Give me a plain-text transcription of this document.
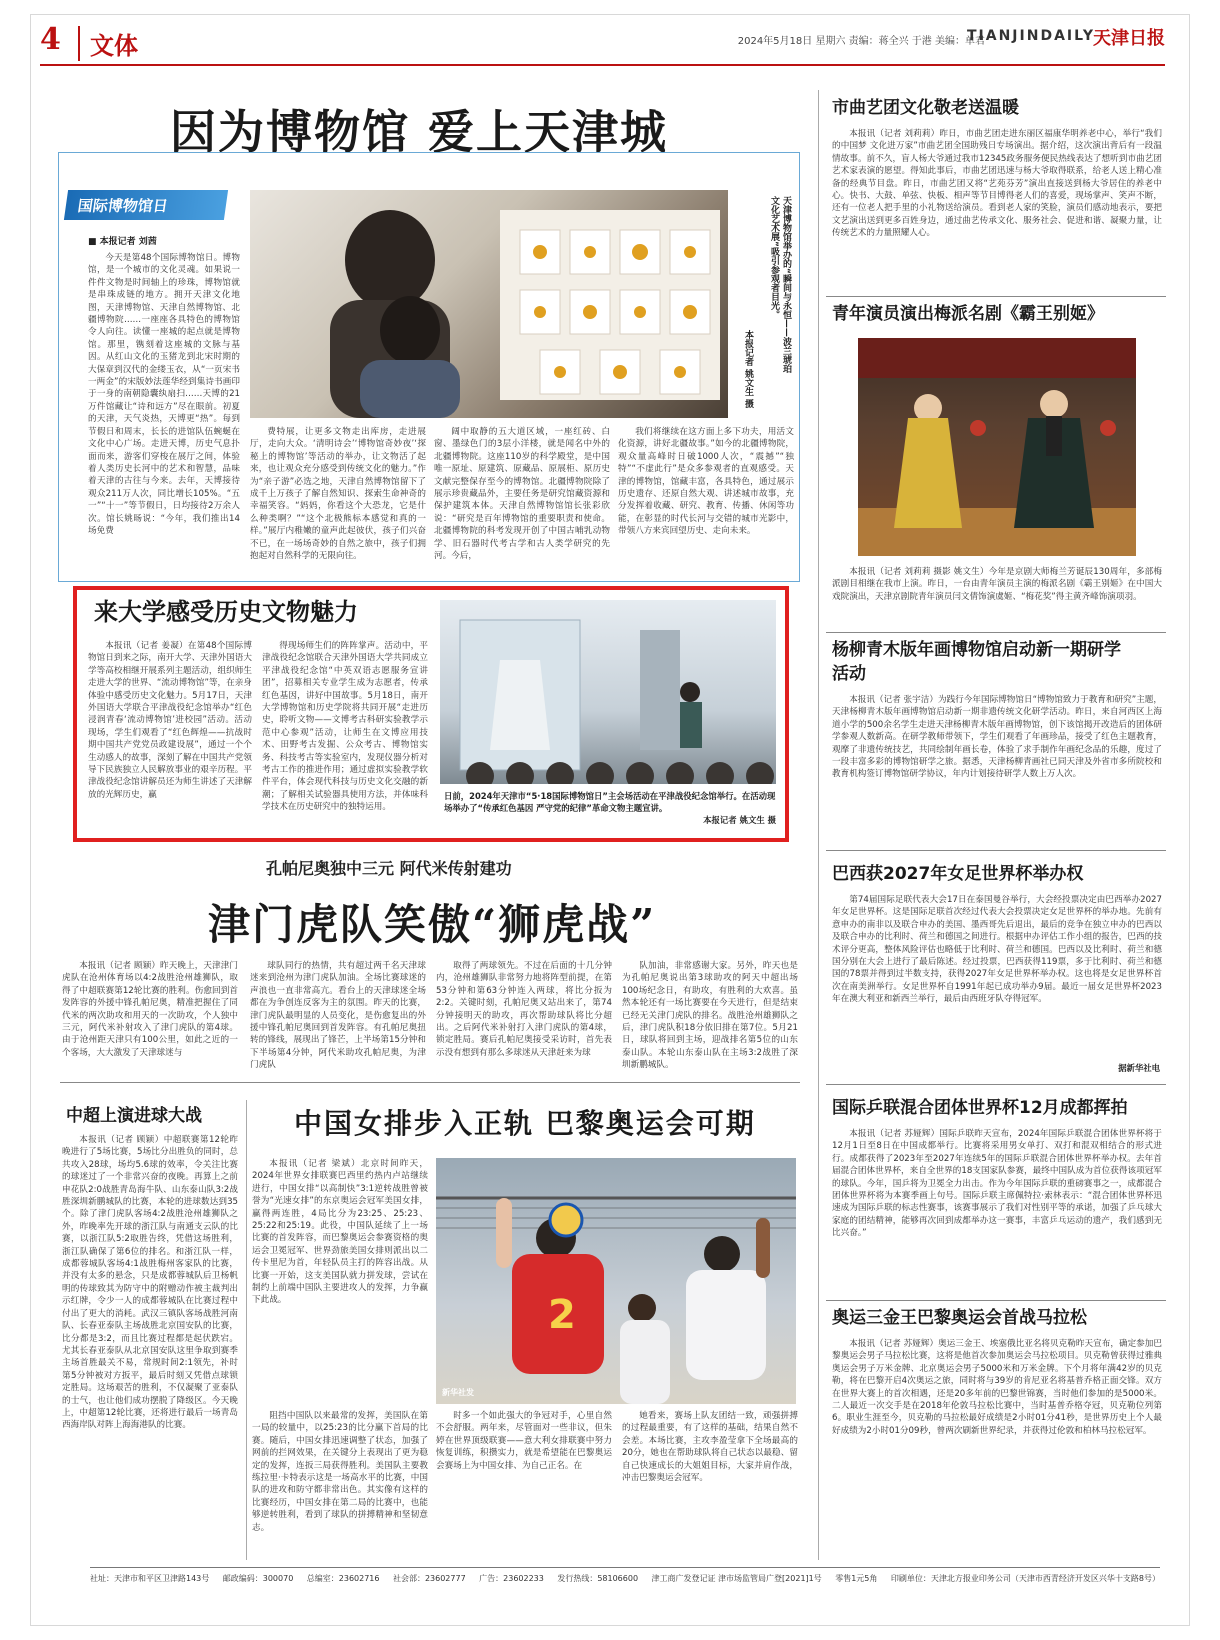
4	文体	2024年5月18日 星期六 责编：蒋全兴 于港 美编：单君
TIANJINDAILY
天津日报
因为博物馆 爱上天津城
国际博物馆日
■ 本报记者 刘茜

今天是第48个国际博物馆日。博物馆，是一个城市的文化灵魂。如果说一件件文物是时间轴上的珍珠，博物馆就是串珠成链的地方。拥开天津文化地图，天津博物馆、天津自然博物馆、北疆博物院……一座座各具特色的博物馆令人向往。读懂一座城的起点就是博物馆。那里，镌刻着这座城的文脉与基因。从红山文化的玉猪龙到北宋时期的大保章到汉代的金缕玉衣，从“一页宋书一两金”的宋版妙法莲华经到集诗书画印于一身的南朝隐囊纨扇扫……天博的21万件馆藏让“诗和远方”尽在眼前。初夏的天津，天气炎热，天博更“热”。每到节假日和周末，长长的进馆队伍蜿蜒在文化中心广场。走进天博，历史气息扑面而来，游客们穿梭在展厅之间，体验着人类历史长河中的艺术和智慧，品味着天津的古往与今来。去年，天博接待观众211万人次，同比增长105%。“五一”“十一”等节假日，日均接待2万余人次。馆长姚旸说：“今年，我们推出14场免费

天津博物馆举办的“瞬间与永恒——波兰琥珀文化艺术展”吸引参观者目光。
本报记者 姚文生 摄

费特展，让更多文物走出库房，走进展厅，走向大众。‘清明诗会’‘博物馆奇妙夜’‘探秘上的博物馆’等活动的举办，让文物活了起来，也让观众充分感受到传统文化的魅力。”作为“亲子游”必选之地，天津自然博物馆留下了成千上万孩子了解自然知识、探索生命神奇的幸福笑容。“妈妈，你看这个大恐龙，它是什么种类啊？”“这个北极熊标本感觉和真的一样。”展厅内稚嫩的童声此起彼伏，孩子们兴奋不已，在一场场奇妙的自然之旅中，孩子们拥抱起对自然科学的无限向往。

阔中取静的五大道区域，一座红砖、白窗、墨绿色门的3层小洋楼，就是闻名中外的北疆博物院。这座110岁的科学殿堂，是中国唯一原址、原建筑、原藏品、原展柜、原历史文献完整保存至今的博物馆。北疆博物院除了展示珍贵藏品外，主要任务是研究馆藏资源和保护建筑本体。天津自然博物馆馆长张彩欣说：“研究是百年博物馆的重要职责和使命。北疆博物院的科考发现开创了中国古哺乳动物学、旧石器时代考古学和古人类学研究的先河。今后，

我们将继续在这方面上多下功夫，用活文化资源，讲好北疆故事。”如今的北疆博物院，观众量高峰时日破1000人次，“震撼”“独特”“不虚此行”是众多参观者的直观感受。天津的博物馆，馆藏丰富，各具特色，通过展示历史遗存、还原自然大观、讲述城市故事，充分发挥着收藏、研究、教育、传播、休闲等功能，在彰显的时代长河与交错的城市光影中，带领八方来宾回望历史、走向未来。

来大学感受历史文物魅力

本报讯（记者 姜凝）在第48个国际博物馆日到来之际，南开大学、天津外国语大学等高校相继开展系列主题活动，组织师生走进大学的世界、“流动博物馆”等，在亲身体验中感受历史文化魅力。5月17日，天津外国语大学联合平津战役纪念馆举办“红色浸润青春‘流动博物馆’进校园”活动。活动现场，学生们观看了“红色辉煌——抗战时期中国共产党党员政建设展”，通过一个个生动感人的故事，深刻了解在中国共产党领导下民族独立人民解放事业的艰辛历程。平津战役纪念馆讲解员还为师生讲述了天津解放的光辉历史，赢

得现场师生们的阵阵掌声。活动中，平津战役纪念馆联合天津外国语大学共同成立平津战役纪念馆“中英双语志愿服务宣讲团”，招募相关专业学生成为志愿者，传承红色基因，讲好中国故事。5月18日，南开大学博物馆和历史学院将共同开展“走进历史，聆听文物——文博考古科研实验教学示范中心参观”活动，让师生在文博应用技术、田野考古发掘、公众考古、博物馆实务、科技考古等实验室内，发现仪器分析对考古工作的推进作用；通过虚拟实验教学软件平台，体会现代科技与历史文化交融的新潮；了解相关试验器具使用方法，并体味科学技术在历史研究中的独特运用。

日前，2024年天津市“5·18国际博物馆日”主会场活动在平津战役纪念馆举行。在活动现场举办了“传承红色基因 严守党的纪律”革命文物主题宣讲。
本报记者 姚文生 摄
孔帕尼奥独中三元 阿代米传射建功
津门虎队笑傲“狮虎战”

本报讯（记者 顾颖）昨天晚上，天津津门虎队在沧州体育场以4:2战胜沧州雄狮队，取得了中超联赛第12轮比赛的胜利。伤愈回到首发阵容的外援中锋孔帕尼奥，精准把握住了同代米的两次助攻和用天的一次助攻，个人独中三元，阿代米补射攻入了津门虎队的第4球。由于沧州距天津只有100公里，如此之近的一个客场，大大激发了天津球迷与

球队同行的热情，共有超过两千名天津球迷来到沧州为津门虎队加油。全场比赛球迷的声浪也一直非常高亢。看台上的天津球迷全场都在为争创连反客为主的氛围。昨天的比赛，津门虎队最明显的人员变化，是伤愈复出的外援中锋孔帕尼奥回到首发阵容。有孔帕尼奥扭转的锋线，展现出了锋芒，上半场第15分钟和下半场第4分钟，阿代米助攻孔帕尼奥，为津门虎队

取得了两球领先。不过在后面的十几分钟内，沧州雄狮队非常努力地将阵型前提，在第53分钟和第63分钟连入两球，将比分扳为2:2。关键时刻，孔帕尼奥又站出来了，第74分钟接明天的助攻，再次帮助球队将比分超出。之后阿代米补射打入津门虎队的第4球，锁定胜局。赛后孔帕尼奥接受采访时，首先表示没有想到有那么多球迷从天津赶来为球

队加油，非常感谢大家。另外，昨天也是为孔帕尼奥说出第3球助攻的阿天中超出场100场纪念日，有助攻，有胜利的大欢喜。虽然本轮还有一场比赛要在今天进行，但是结束已经无关津门虎队的排名。战胜沧州雄狮队之后，津门虎队积18分依旧排在第7位。5月21日，球队将回到主场，迎战排名第5位的山东泰山队。本轮山东泰山队在主场3:2战胜了深圳新鹏城队。

中超上演进球大战

本报讯（记者 顾颖）中超联赛第12轮昨晚进行了5场比赛，5场比分出胜负的同时，总共攻入28球，场均5.6球的效率，令关注比赛的球迷过了一个非常兴奋的夜晚。再算上之前申花队2:0战胜青岛海牛队、山东泰山队3:2战胜深圳新鹏城队的比赛，本轮的进球数达到35个。除了津门虎队客场4:2战胜沧州雄狮队之外，昨晚率先开球的浙江队与南通支云队的比赛，以浙江队5:2取胜告终，凭借这场胜利，浙江队确保了第6位的排名。和浙江队一样，成都蓉城队客场4:1战胜梅州客家队的比赛，并没有太多的悬念，只是成都蓉城队后卫杨帆明的传球致其为防守中的附赠动作被主裁判出示红牌，令少一人的成都蓉城队在比赛过程中付出了更大的消耗。武汉三镇队客场战胜河南队、长春亚泰队主场战胜北京国安队的比赛，比分都是3:2，而且比赛过程都是起伏跌宕。尤其长春亚泰队从北京国安队这里争取到赛季主场首胜最关不易，常规时间2:1领先，补时第5分钟被对方扳平，最后时刻又凭借点球锁定胜局。这场艰苦的胜利，不仅凝聚了亚泰队的士气，也让他们成功摆脱了降级区。今天晚上，中超第12轮比赛，还将进行最后一场青岛西海岸队对阵上海海港队的比赛。

中国女排步入正轨 巴黎奥运会可期

本报讯（记者 梁斌）北京时间昨天，2024年世界女排联赛巴西里约热内卢站继续进行，中国女排“以高制快”3:1逆转战胜曾被誉为“光速女排”的东京奥运会冠军美国女排，赢得两连胜，4局比分为23:25、25:23、25:22和25:19。此役，中国队延续了上一场比赛的首发阵容，而巴黎奥运会参赛资格的奥运会卫冕冠军、世界劲旅美国女排则派出以二传卡里尼为首，年轻队员主打的阵容出战。从比赛一开始，这支美国队就力拼发球，尝试在制约上前端中国队主要进攻人的发挥，力争赢下此战。

阻挡中国队以来最常的发挥，美国队在第一局的较量中，以25:23的比分赢下首局的比赛。随后，中国女排迅速调整了状态，加强了网前的拦网效果，在关键分上表现出了更为稳定的发挥，连扳三局获得胜利。美国队主要教练拉里·卡特表示这是一场高水平的比赛，中国队的进攻和防守都非常出色。其实像有这样的比赛经历，中国女排在第二局的比赛中，也能够逆转胜利，看到了球队的拼搏精神和坚韧意志。

2
新华社发

时多一个如此强大的争冠对手，心里自然不会舒服。两年来，尽管面对一些非议，但朱婷在世界顶级联赛——意大利女排联赛中努力恢复训练，积攒实力，就是希望能在巴黎奥运会赛场上为中国女排、为自己正名。在

她看来，赛场上队友团结一致，顽强拼搏的过程最重要，有了这样的基础，结果自然不会差。本场比赛，主攻李盈莹拿下全场最高的20分，她也在帮助球队将自己状态以最稳、留自己快速成长的大姐姐目标，大家并肩作战，冲击巴黎奥运会冠军。

市曲艺团文化敬老送温暖

本报讯（记者 刘莉莉）昨日，市曲艺团走进东丽区福康华明养老中心，举行“我们的中国梦 文化进万家”市曲艺团全国助残日专场演出。据介绍，这次演出背后有一段温情故事。前不久，盲人杨大爷通过我市12345政务服务便民热线表达了想听到市曲艺团艺术家表演的愿望。得知此事后，市曲艺团迅速与杨大爷取得联系，给老人送上精心准备的经典节目盘。昨日，市曲艺团又将“艺苑芬芳”演出直接送到杨大爷居住的养老中心。快书、大鼓、单弦、快板、相声等节目博得老人们的喜爱，现场掌声、笑声不断，还有一位老人把手里的小礼物送给演员。看到老人家的笑脸，演员们感动地表示，要把文艺演出送到更多百姓身边，通过曲艺传承文化、服务社会、促进和谐、凝聚力量，让传统艺术的力量照耀人心。

青年演员演出梅派名剧《霸王别姬》

本报讯（记者 刘莉莉 摄影 姚文生）今年是京剧大师梅兰芳诞辰130周年，多部梅派剧目相继在我市上演。昨日，一台由青年演员主演的梅派名剧《霸王别姬》在中国大戏院演出，天津京剧院青年演员闫文倩饰演虞姬、“梅花奖”得主黄齐峰饰演项羽。

杨柳青木版年画博物馆启动新一期研学活动

本报讯（记者 张宇洁）为践行今年国际博物馆日“博物馆致力于教育和研究”主题，天津杨柳青木版年画博物馆启动新一期非遗传统文化研学活动。昨日，来自河西区上海道小学的500余名学生走进天津杨柳青木版年画博物馆，创下该馆揭开改造后的团体研学参观人数新高。在研学教师带领下，学生们观看了年画珍品，接受了红色主题教育，观摩了非遗传统技艺，共同绘制年画长卷，体验了求手制作年画纪念品的乐趣，度过了一段丰富多彩的博物馆研学之旅。据悉，天津杨柳青画社已同天津及外省市多所院校和教育机构签订博物馆研学协议，年内计划接待研学人数上万人次。

巴西获2027年女足世界杯举办权

第74届国际足联代表大会17日在泰国曼谷举行，大会经投票决定由巴西举办2027年女足世界杯。这是国际足联首次经过代表大会投票决定女足世界杯的举办地。先前有意申办的南非以及联合申办的美国、墨西哥先后退出，最后的竞争在独立申办的巴西以及联合申办的比利时、荷兰和德国之间进行。根据申办评估工作小组的报告，巴西的技术评分更高，整体风险评估也略低于比利时、荷兰和德国。巴西以及比利时、荷兰和德国分别在大会上进行了最后陈述。经过投票，巴西获得119票，多于比利时、荷兰和德国的78票并得到过半数支持，获得2027年女足世界杯举办权。这也将是女足世界杯首次在南美洲举行。女足世界杯自1991年起已成功举办9届。最近一届女足世界杯2023年在澳大利亚和新西兰举行，最后由西班牙队夺得冠军。

据新华社电
国际乒联混合团体世界杯12月成都挥拍

本报讯（记者 苏娅辉）国际乒联昨天宣布，2024年国际乒联混合团体世界杯将于12月1日至8日在中国成都举行。比赛将采用男女单打、双打和混双相结合的形式进行。成都获得了2023年至2027年连续5年的国际乒联混合团体世界杯举办权。去年首届混合团体世界杯，来自全世界的18支国家队参赛，最终中国队成为首位获得该项冠军的球队。今年，国乒将为卫冕全力出击。作为今年国际乒联的重磅赛事之一，成都混合团体世界杯将为本赛季画上句号。国际乒联主席佩特拉·索林表示：“混合团体世界杯迅速成为国际乒联的标志性赛事，该赛事展示了我们对性别平等的承诺，加强了乒乓球大家庭的团结精神，能够再次回到成都举办这一赛事，丰富乒乓运动的遗产，我们感到无比兴奋。”

奥运三金王巴黎奥运会首战马拉松

本报讯（记者 苏娅辉）奥运三金王、埃塞俄比亚名将贝克勒昨天宣布，确定参加巴黎奥运会男子马拉松比赛，这将是他首次参加奥运会马拉松项目。贝克勒曾获得过雅典奥运会男子万米金牌、北京奥运会男子5000米和万米金牌。下个月将年满42岁的贝克勒，将在巴黎开启4次奥运之旅，同时将与39岁的肯尼亚名将基普乔格正面交锋。双方在世界大赛上的首次相遇，还是20多年前的巴黎世锦赛，当时他们参加的是5000米。二人最近一次交手是在2018年伦敦马拉松比赛中，当时基普乔格夺冠，贝克勒位列第6。职业生涯至今，贝克勒的马拉松最好成绩是2小时01分41秒，是世界历史上个人最好成绩为2小时01分09秒，曾两次刷新世界纪录，并获得过伦敦和柏林马拉松冠军。

社址：天津市和平区卫津路143号 邮政编码：300070 总编室：23602716 社会部：23602777 广告：23602233 发行热线：58106600 津工商广发登记证 津市场监管局广登[2021]1号 零售1元5角 印刷单位：天津北方报业印务公司（天津市西青经济开发区兴华十支路8号）
